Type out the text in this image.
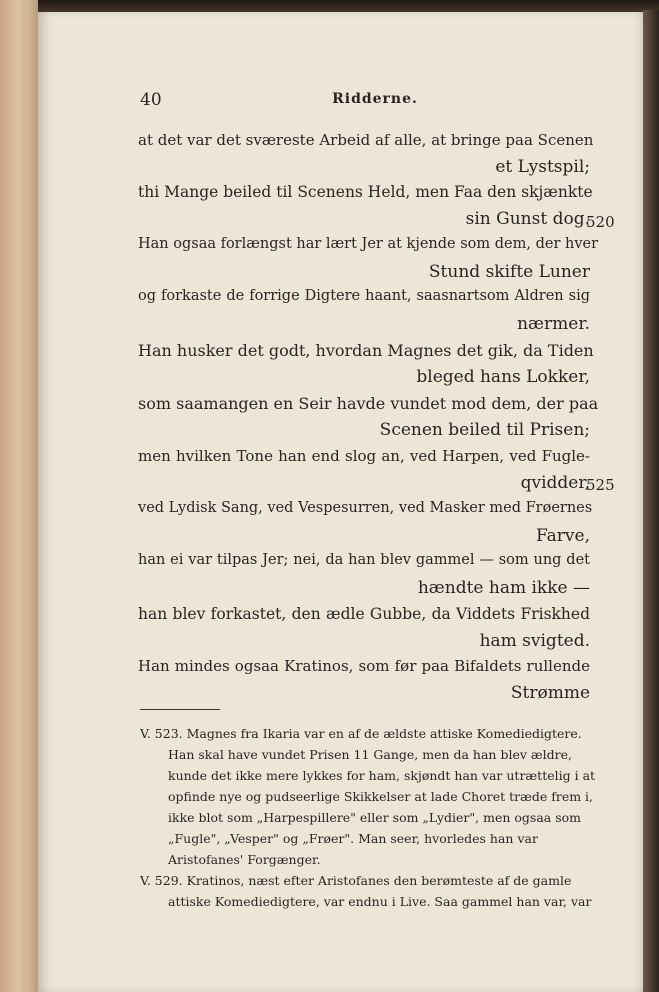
40	Ridderne.
at det var det sværeste Arbeid af alle, at bringe paa Scenen
et Lystspil;
thi Mange beiled til Scenens Held, men Faa den skjænkte
sin Gunst dog.
Han ogsaa forlængst har lært Jer at kjende som dem, der hver
Stund skifte Luner
og forkaste de forrige Digtere haant, saasnartsom Aldren sig
nærmer.
Han husker det godt, hvordan Magnes det gik, da Tiden
bleged hans Lokker,
som saamangen en Seir havde vundet mod dem, der paa
Scenen beiled til Prisen;
men hvilken Tone han end slog an, ved Harpen, ved Fugle-
qvidder,
ved Lydisk Sang, ved Vespesurren, ved Masker med Frøernes
Farve,
han ei var tilpas Jer; nei, da han blev gammel — som ung det
hændte ham ikke —
han blev forkastet, den ædle Gubbe, da Viddets Friskhed
ham svigted.
Han mindes ogsaa Kratinos, som før paa Bifaldets rullende
Strømme
520
525
V. 523. Magnes fra Ikaria var en af de ældste attiske Komediedigtere.
Han skal have vundet Prisen 11 Gange, men da han blev ældre,
kunde det ikke mere lykkes for ham, skjøndt han var utrættelig i at
opfinde nye og pudseerlige Skikkelser at lade Choret træde frem i,
ikke blot som „Harpespillere" eller som „Lydier", men ogsaa som
„Fugle", „Vesper" og „Frøer". Man seer, hvorledes han var
Aristofanes' Forgænger.
V. 529. Kratinos, næst efter Aristofanes den berømteste af de gamle
attiske Komediedigtere, var endnu i Live. Saa gammel han var, var
